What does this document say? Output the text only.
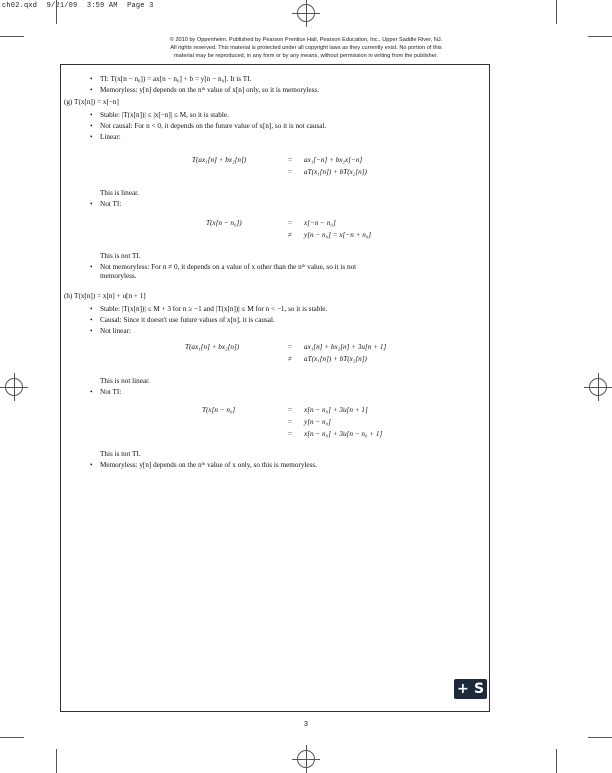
ch02.qxd 9/21/09 3:59 AM Page 3
© 2010 by Oppenheim. Published by Pearson Prentice Hall, Pearson Education, Inc., Upper Saddle River, NJ.
All rights reserved. This material is protected under all copyright laws as they currently exist. No portion of this
material may be reproduced, in any form or by any means, without permission in writing from the publisher.
• TI: T(x[n − n₀]) = ax[n − n₀] + b = y[n − n₀]. It is TI.
• Memoryless: y[n] depends on the nᵗʰ value of x[n] only, so it is memoryless.
(g) T(x[n]) = x[−n]
• Stable: |T(x[n])| ≤ |x[−n]| ≤ M, so it is stable.
• Not causal: For n < 0, it depends on the future value of x[n], so it is not causal.
• Linear:
T(ax₁[n] + bx₂[n])	=	ax₁[−n] + bx₂x[−n]
=	aT(x₁[n]) + bT(x₂[n])
This is linear.
• Not TI:
T(x[n − n₀])	=	x[−n − n₀]
≠	y[n − n₀] = x[−n + n₀]
This is not TI.
• Not memoryless: For n ≠ 0, it depends on a value of x other than the nᵗʰ value, so it is not
memoryless.
(h) T(x[n]) = x[n] + u[n + 1]
• Stable: |T(x[n])| ≤ M + 3 for n ≥ −1 and |T(x[n])| ≤ M for n < −1, so it is stable.
• Causal: Since it doesn't use future values of x[n], it is causal.
• Not linear:
T(ax₁[n] + bx₂[n])	=	ax₁[n] + bx₂[n] + 3u[n + 1]
≠	aT(x₁[n]) + bT(x₂[n])
This is not linear.
• Not TI:
T(x[n − n₀]	=	x[n − n₀] + 3u[n + 1]
=	y[n − n₀]
=	x[n − n₀] + 3u[n − n₀ + 1]
This is not TI.
• Memoryless: y[n] depends on the nᵗʰ value of x only, so this is memoryless.
+ S
3
